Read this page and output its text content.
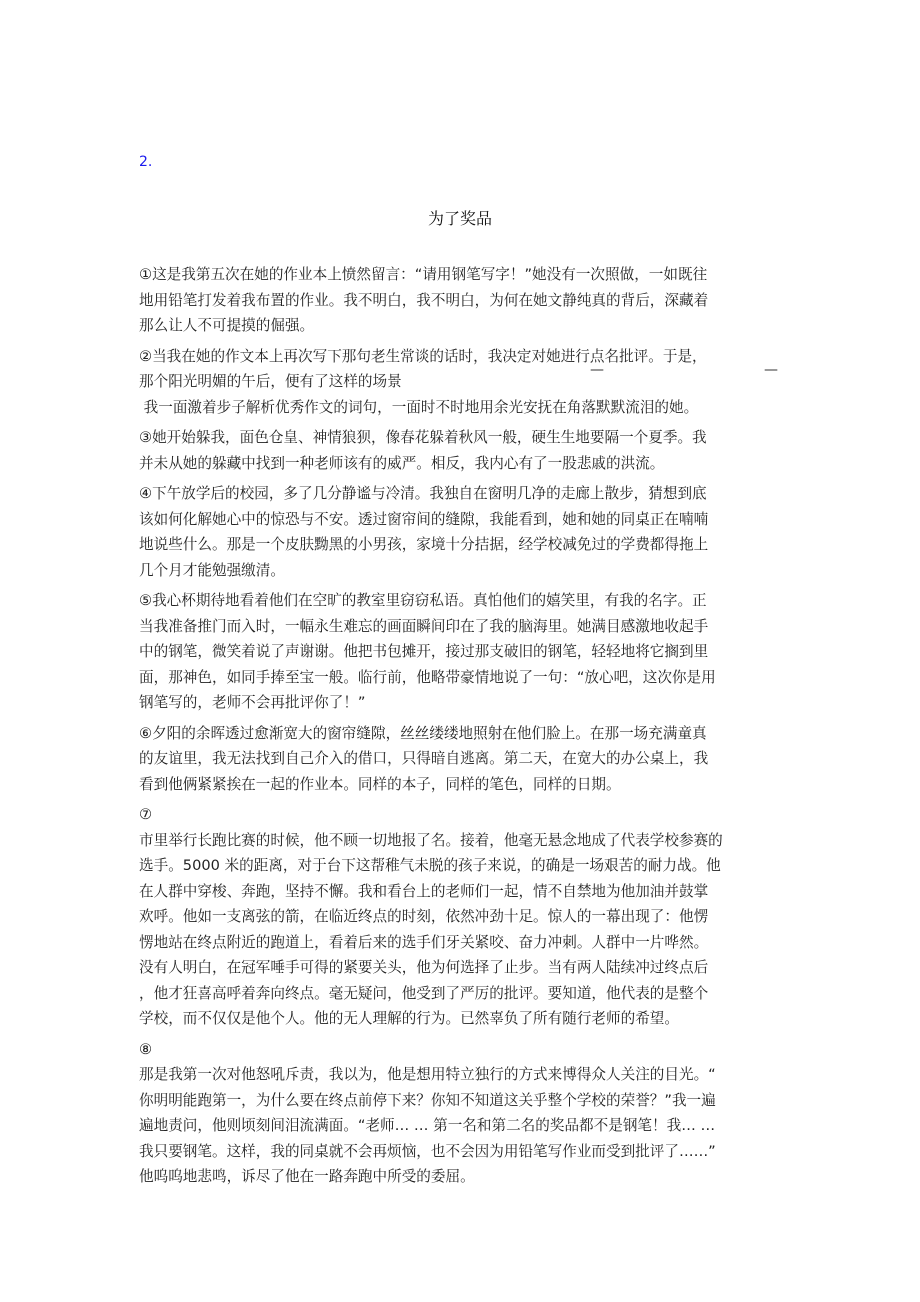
2.
为了奖品

①这是我第五次在她的作业本上愤然留言：“请用钢笔写字！”她没有一次照做，一如既往
地用铅笔打发着我布置的作业。我不明白，我不明白，为何在她文静纯真的背后，深藏着
那么让人不可提摸的倔强。

②当我在她的作文本上再次写下那句老生常谈的话时，我决定对她进行点名批评。于是，
那个阳光明媚的午后，便有了这样的场景
我一面激着步子解析优秀作文的词句，一面时不时地用余光安抚在角落默默流泪的她。

③她开始躲我，面色仓皇、神情狼狈，像春花躲着秋风一般，硬生生地要隔一个夏季。我
并未从她的躲藏中找到一种老师该有的威严。相反，我内心有了一股悲戚的洪流。

④下午放学后的校园，多了几分静谧与冷清。我独自在窗明几净的走廊上散步，猜想到底
该如何化解她心中的惊恐与不安。透过窗帘间的缝隙，我能看到，她和她的同桌正在喃喃
地说些什么。那是一个皮肤黝黑的小男孩，家境十分拮据，经学校减免过的学费都得拖上
几个月才能勉强缴清。

⑤我心杯期待地看着他们在空旷的教室里窃窃私语。真怕他们的嬉笑里，有我的名字。正
当我准备推门而入时，一幅永生难忘的画面瞬间印在了我的脑海里。她满目感激地收起手
中的钢笔，微笑着说了声谢谢。他把书包摊开，接过那支破旧的钢笔，轻轻地将它搁到里
面，那神色，如同手捧至宝一般。临行前，他略带豪情地说了一句：“放心吧，这次你是用
钢笔写的，老师不会再批评你了！”

⑥夕阳的余晖透过愈渐宽大的窗帘缝隙，丝丝缕缕地照射在他们脸上。在那一场充满童真
的友谊里，我无法找到自己介入的借口，只得暗自逃离。第二天，在宽大的办公桌上，我
看到他俩紧紧挨在一起的作业本。同样的本子，同样的笔色，同样的日期。

⑦
市里举行长跑比赛的时候，他不顾一切地报了名。接着，他毫无悬念地成了代表学校参赛的
选手。5000 米的距离，对于台下这帮稚气未脱的孩子来说，的确是一场艰苦的耐力战。他
在人群中穿梭、奔跑，坚持不懈。我和看台上的老师们一起，情不自禁地为他加油并鼓掌
欢呼。他如一支离弦的箭，在临近终点的时刻，依然冲劲十足。惊人的一幕出现了：他愣
愣地站在终点附近的跑道上，看着后来的选手们牙关紧咬、奋力冲刺。人群中一片哗然。
没有人明白，在冠军唾手可得的紧要关头，他为何选择了止步。当有两人陆续冲过终点后
，他才狂喜高呼着奔向终点。毫无疑问，他受到了严厉的批评。要知道，他代表的是整个
学校，而不仅仅是他个人。他的无人理解的行为。已然辜负了所有随行老师的希望。

⑧
那是我第一次对他怒吼斥责，我以为，他是想用特立独行的方式来博得众人关注的目光。“
你明明能跑第一，为什么要在终点前停下来？你知不知道这关乎整个学校的荣誉？”我一遍
遍地责问，他则顷刻间泪流满面。“老师… … 第一名和第二名的奖品都不是钢笔！我… …
我只要钢笔。这样，我的同桌就不会再烦恼，也不会因为用铅笔写作业而受到批评了……”
他呜呜地悲鸣，诉尽了他在一路奔跑中所受的委屈。

—	—
